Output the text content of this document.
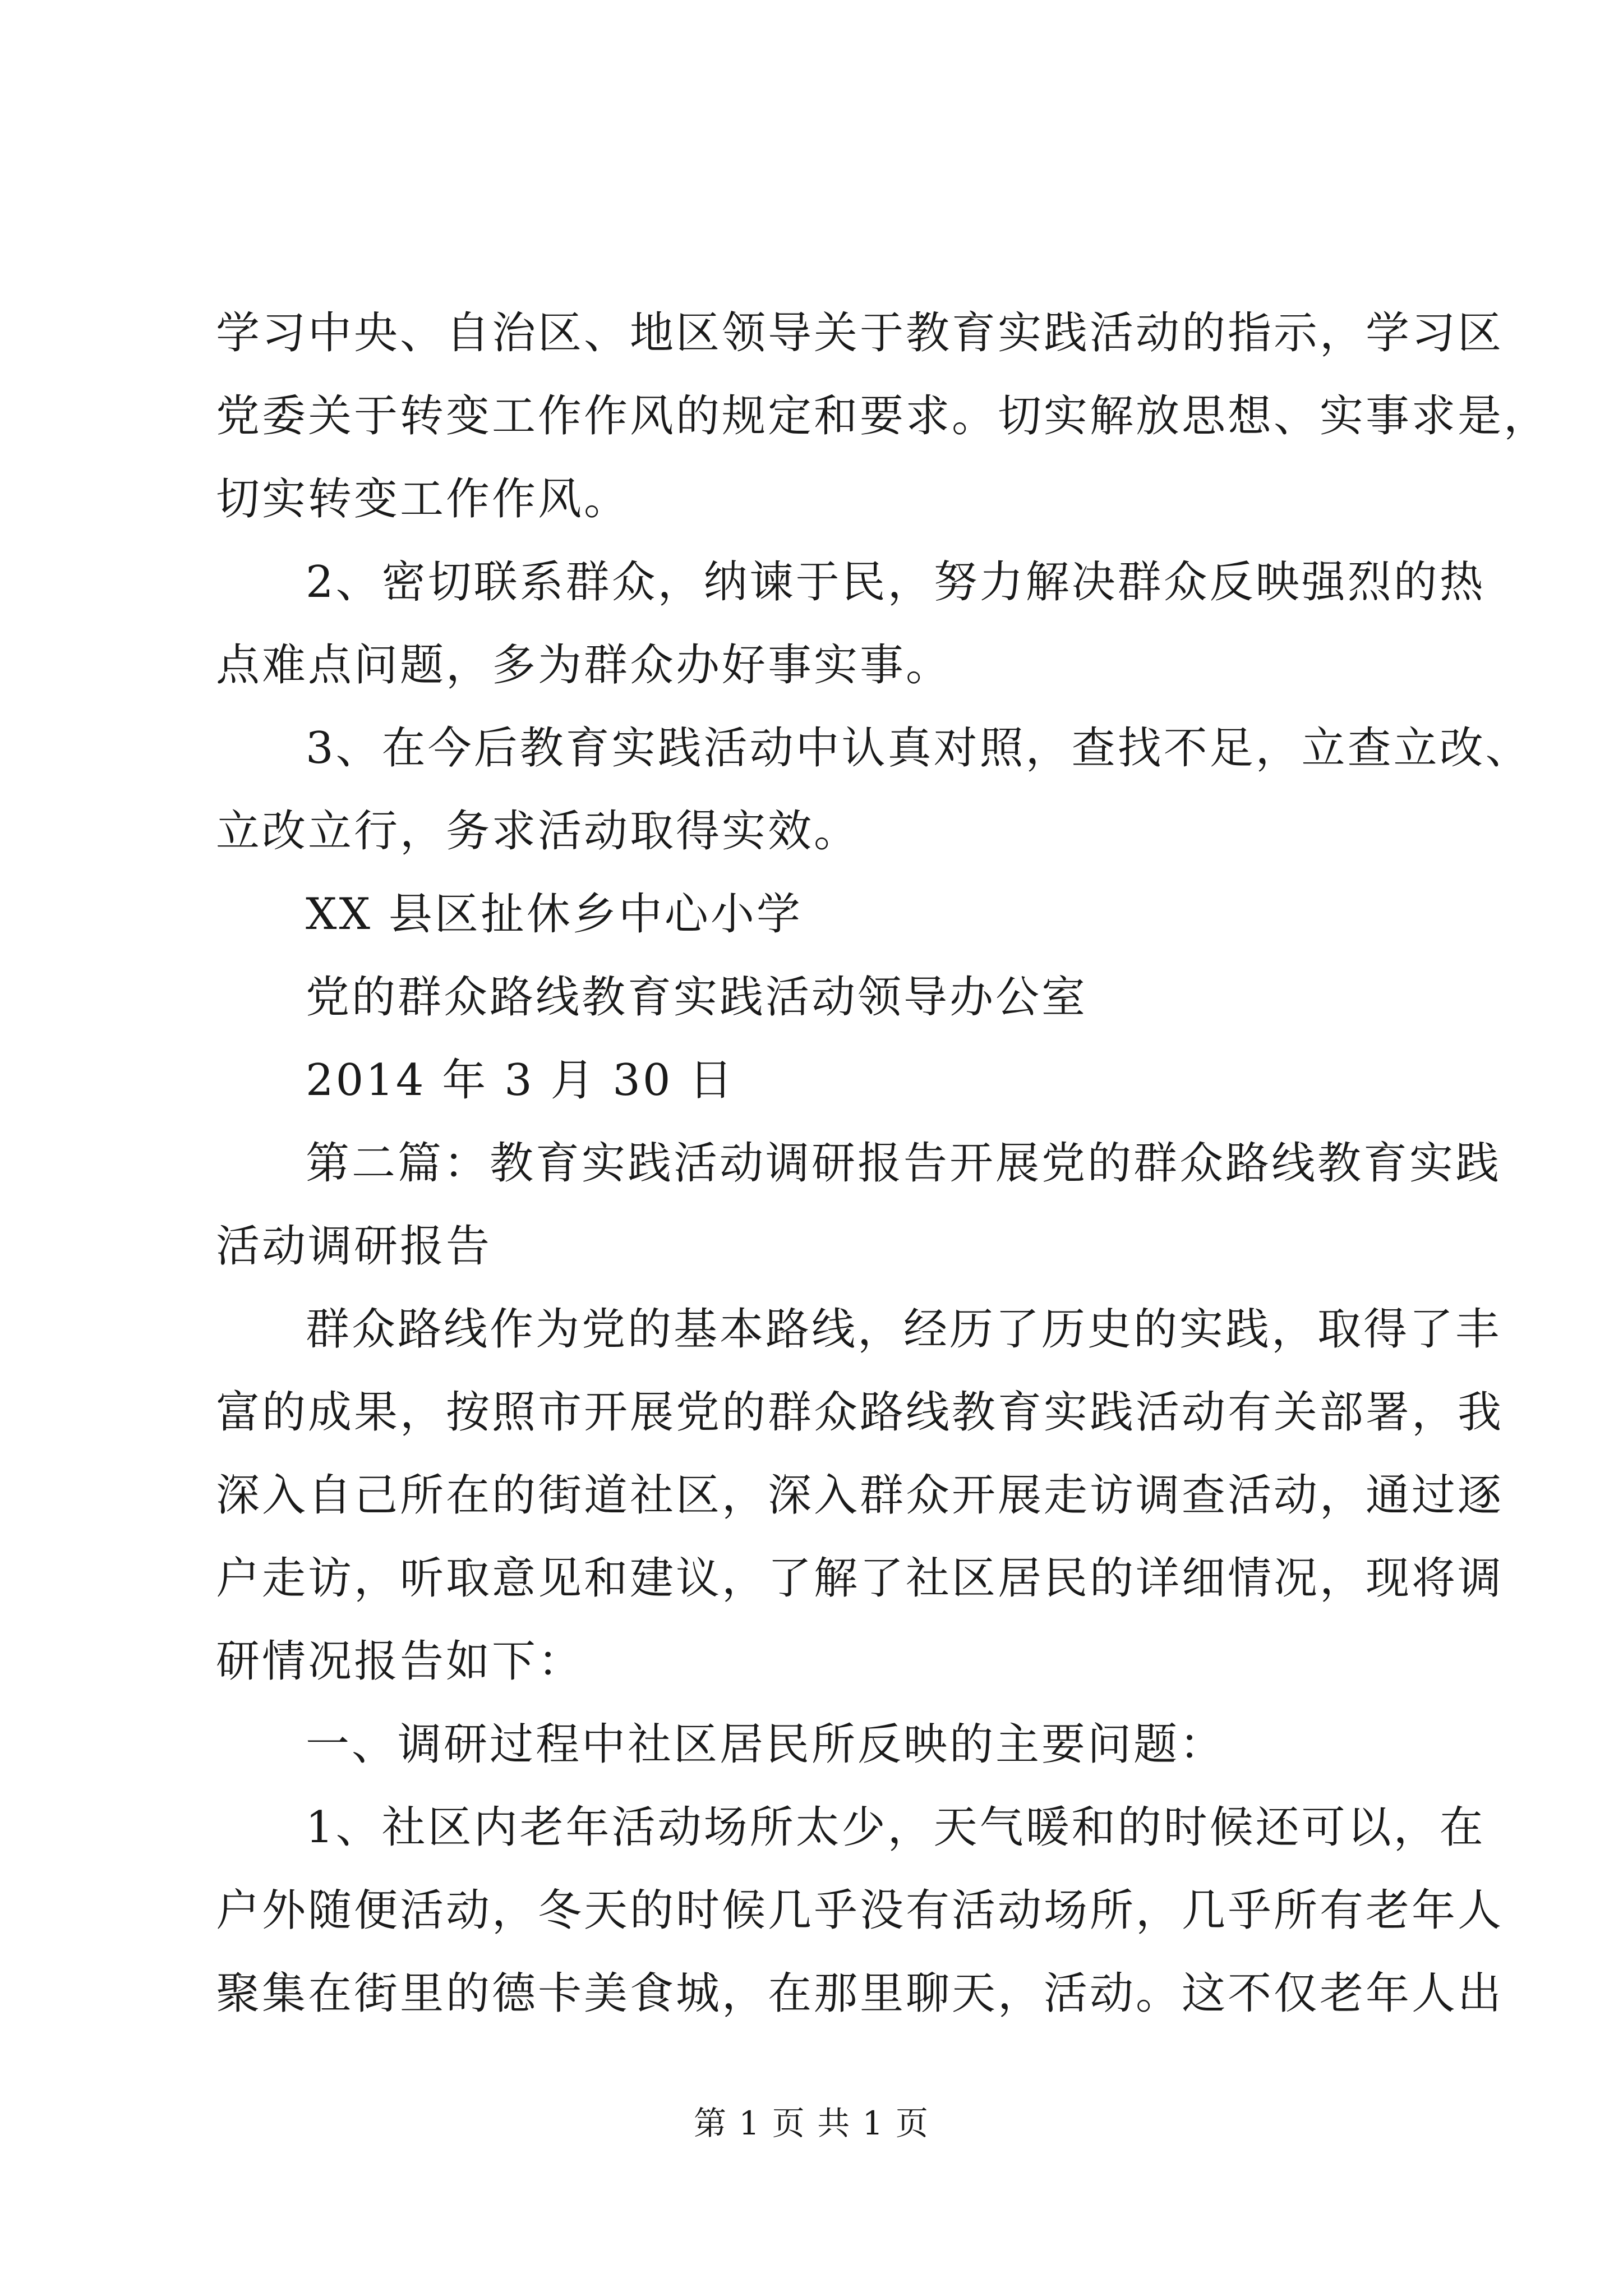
学习中央、自治区、地区领导关于教育实践活动的指示，学习区
党委关于转变工作作风的规定和要求。切实解放思想、实事求是，
切实转变工作作风。
2、密切联系群众，纳谏于民，努力解决群众反映强烈的热
点难点问题，多为群众办好事实事。
3、在今后教育实践活动中认真对照，查找不足，立查立改、
立改立行，务求活动取得实效。
XX 县区扯休乡中心小学
党的群众路线教育实践活动领导办公室
2014 年 3 月 30 日
第二篇：教育实践活动调研报告开展党的群众路线教育实践
活动调研报告
群众路线作为党的基本路线，经历了历史的实践，取得了丰
富的成果，按照市开展党的群众路线教育实践活动有关部署，我
深入自己所在的街道社区，深入群众开展走访调查活动，通过逐
户走访，听取意见和建议，了解了社区居民的详细情况，现将调
研情况报告如下：
一、调研过程中社区居民所反映的主要问题：
1、社区内老年活动场所太少，天气暖和的时候还可以，在
户外随便活动，冬天的时候几乎没有活动场所，几乎所有老年人
聚集在街里的德卡美食城，在那里聊天，活动。这不仅老年人出
第 1 页 共 1 页
